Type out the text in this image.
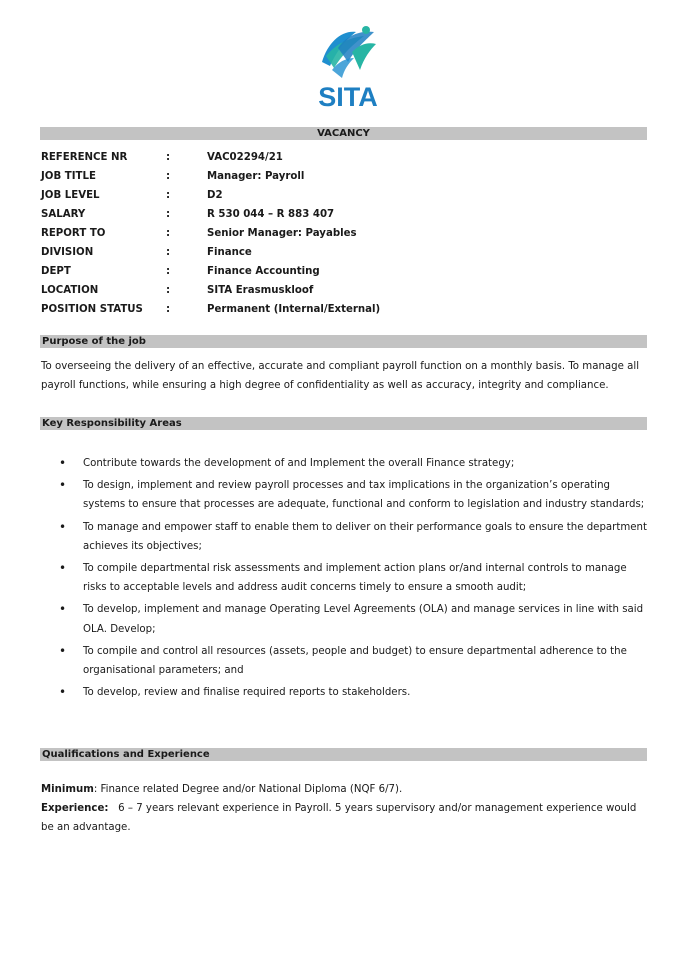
SITA
VACANCY
REFERENCE NR	:	VAC02294/21
JOB TITLE	:	Manager: Payroll
JOB LEVEL	:	D2
SALARY	:	R 530 044 – R 883 407
REPORT TO	:	Senior Manager: Payables
DIVISION	:	Finance
DEPT	:	Finance Accounting
LOCATION	:	SITA Erasmuskloof
POSITION STATUS	:	Permanent (Internal/External)
Purpose of the job
To overseeing the delivery of an effective, accurate and compliant payroll function on a monthly basis. To manage all payroll functions, while ensuring a high degree of confidentiality as well as accuracy, integrity and compliance.
Key Responsibility Areas
• Contribute towards the development of and Implement the overall Finance strategy;
• To design, implement and review payroll processes and tax implications in the organization’s operating systems to ensure that processes are adequate, functional and conform to legislation and industry standards;
• To manage and empower staff to enable them to deliver on their performance goals to ensure the department achieves its objectives;
• To compile departmental risk assessments and implement action plans or/and internal controls to manage risks to acceptable levels and address audit concerns timely to ensure a smooth audit;
• To develop, implement and manage Operating Level Agreements (OLA) and manage services in line with said OLA. Develop;
• To compile and control all resources (assets, people and budget) to ensure departmental adherence to the organisational parameters; and
• To develop, review and finalise required reports to stakeholders.
Qualifications and Experience
Minimum: Finance related Degree and/or National Diploma (NQF 6/7).
Experience: 6 – 7 years relevant experience in Payroll. 5 years supervisory and/or management experience would be an advantage.
